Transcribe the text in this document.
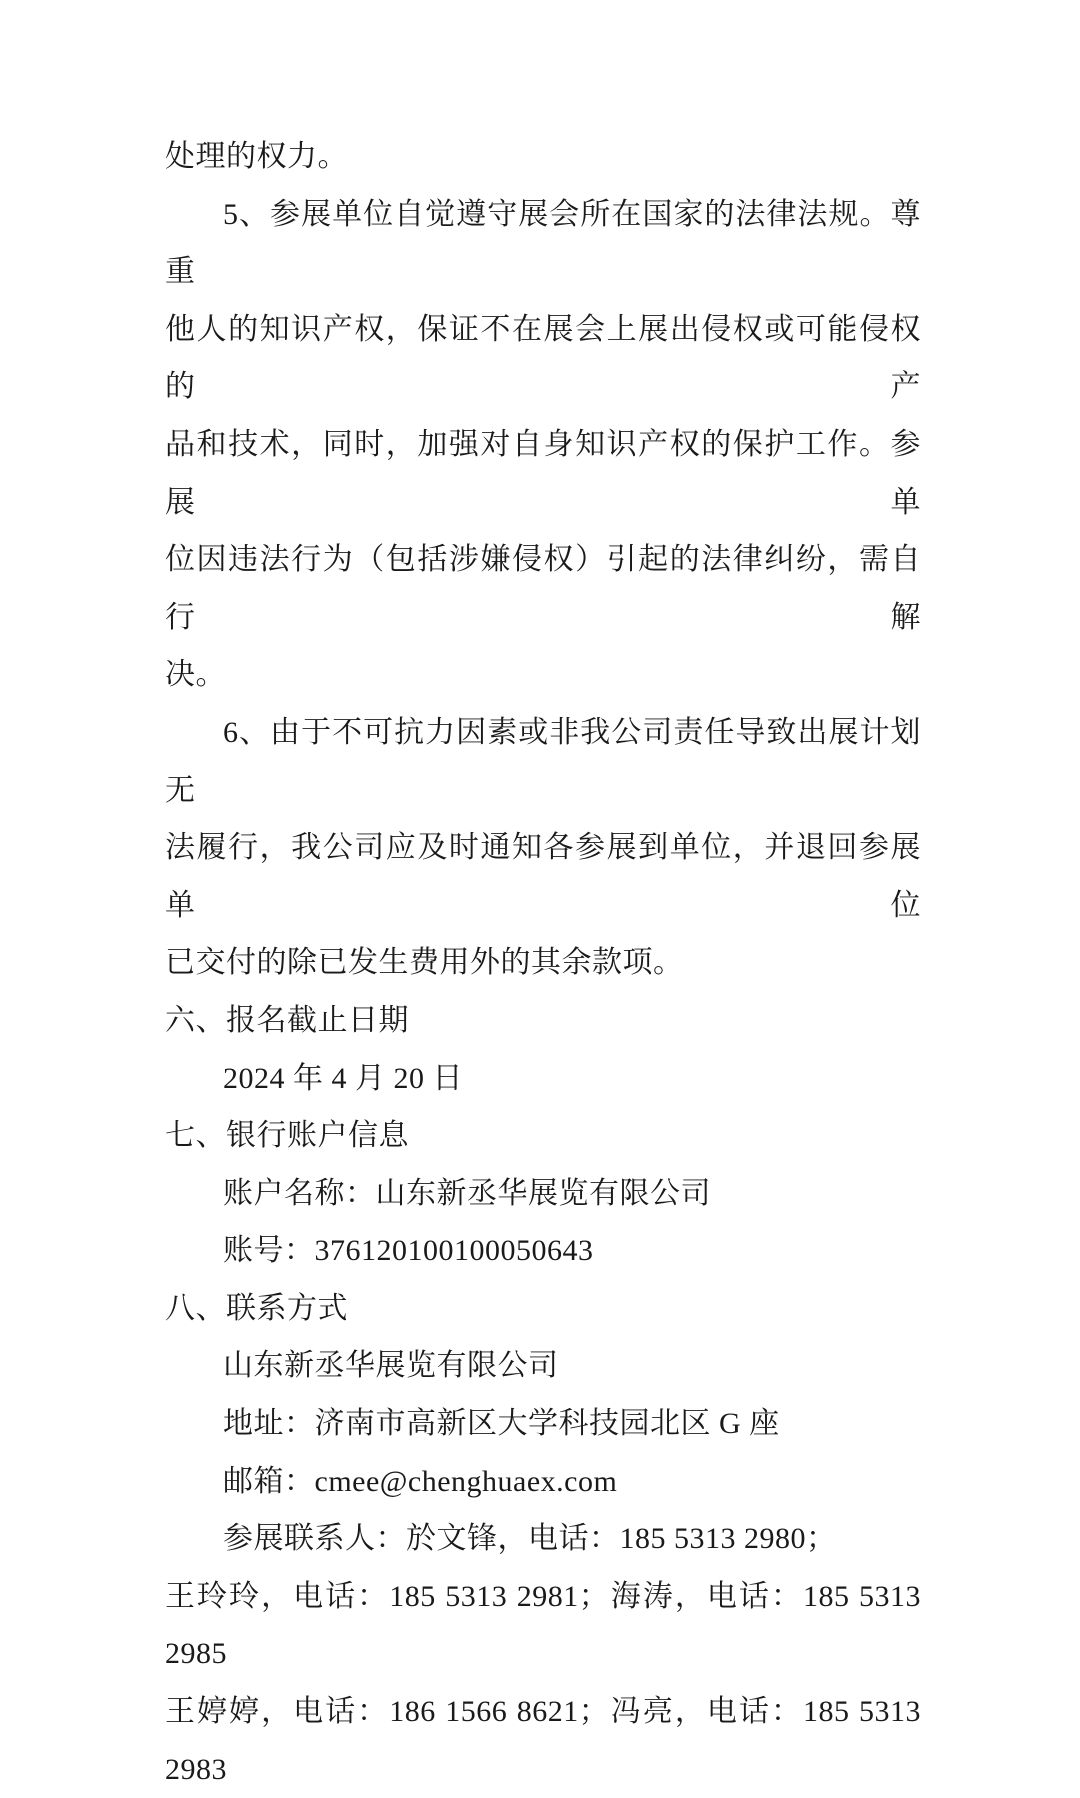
处理的权力。
5、参展单位自觉遵守展会所在国家的法律法规。尊重
他人的知识产权，保证不在展会上展出侵权或可能侵权的产
品和技术，同时，加强对自身知识产权的保护工作。参展单
位因违法行为（包括涉嫌侵权）引起的法律纠纷，需自行解
决。
6、由于不可抗力因素或非我公司责任导致出展计划无
法履行，我公司应及时通知各参展到单位，并退回参展单位
已交付的除已发生费用外的其余款项。
六、报名截止日期
2024 年 4 月 20 日
七、银行账户信息
账户名称：山东新丞华展览有限公司
账号：376120100100050643
八、联系方式
山东新丞华展览有限公司
地址：济南市高新区大学科技园北区 G 座
邮箱：cmee@chenghuaex.com
参展联系人：於文锋，电话：185 5313 2980；
王玲玲，电话：185 5313 2981；海涛，电话：185 5313 2985
王婷婷，电话：186 1566 8621；冯亮，电话：185 5313 2983
